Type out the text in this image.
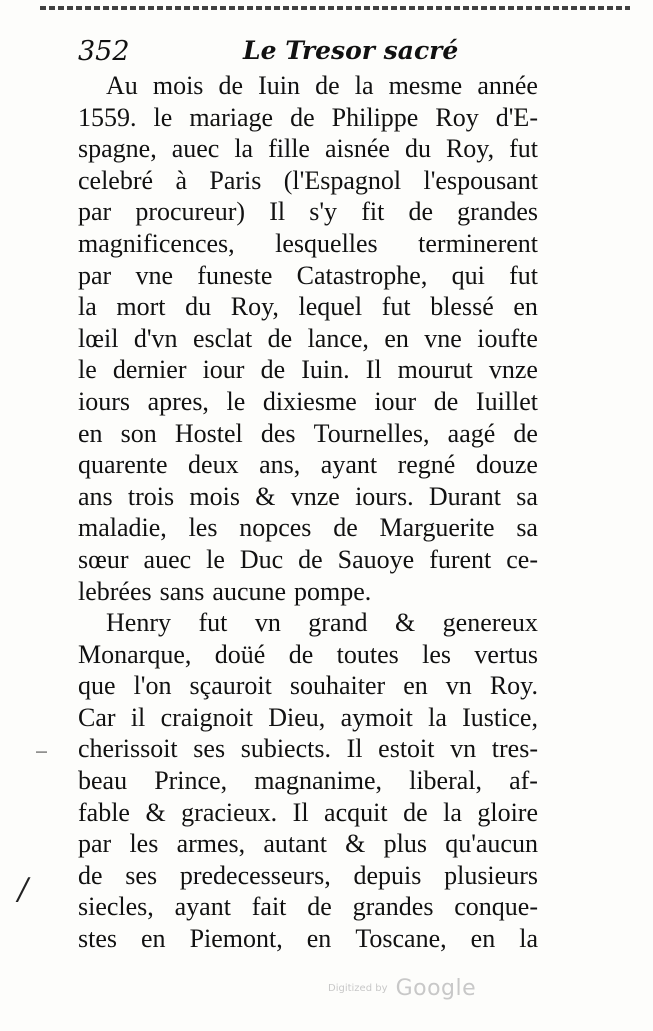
352	Le Tresor sacré
Au mois de Iuin de la mesme année
1559. le mariage de Philippe Roy d'E-
spagne, auec la fille aisnée du Roy, fut
celebré à Paris (l'Espagnol l'espousant
par procureur) Il s'y fit de grandes
magnificences, lesquelles terminerent
par vne funeste Catastrophe, qui fut
la mort du Roy, lequel fut blessé en
lœil d'vn esclat de lance, en vne ioufte
le dernier iour de Iuin. Il mourut vnze
iours apres, le dixiesme iour de Iuillet
en son Hostel des Tournelles, aagé de
quarente deux ans, ayant regné douze
ans trois mois & vnze iours. Durant sa
maladie, les nopces de Marguerite sa
sœur auec le Duc de Sauoye furent ce-
lebrées sans aucune pompe.
Henry fut vn grand & genereux
Monarque, doüé de toutes les vertus
que l'on sçauroit souhaiter en vn Roy.
Car il craignoit Dieu, aymoit la Iustice,
cherissoit ses subiects. Il estoit vn tres-
beau Prince, magnanime, liberal, af-
fable & gracieux. Il acquit de la gloire
par les armes, autant & plus qu'aucun
de ses predecesseurs, depuis plusieurs
siecles, ayant fait de grandes conque-
stes en Piemont, en Toscane, en la
_
/
Digitized by Google
